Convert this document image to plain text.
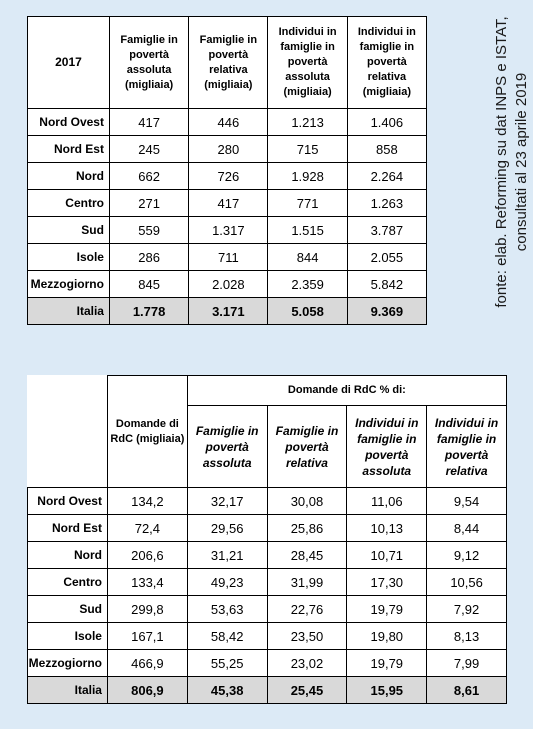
2017	Famiglie in povertà assoluta (migliaia)	Famiglie in povertà relativa (migliaia)	Individui in famiglie in povertà assoluta (migliaia)	Individui in famiglie in povertà relativa (migliaia)
Nord Ovest	417	446	1.213	1.406
Nord Est	245	280	715	858
Nord	662	726	1.928	2.264
Centro	271	417	771	1.263
Sud	559	1.317	1.515	3.787
Isole	286	711	844	2.055
Mezzogiorno	845	2.028	2.359	5.842
Italia	1.778	3.171	5.058	9.369
	Domande di RdC (migliaia)	Domande di RdC % di:			
		Famiglie in povertà assoluta	Famiglie in povertà relativa	Individui in famiglie in povertà assoluta	Individui in famiglie in povertà relativa
Nord Ovest	134,2	32,17	30,08	11,06	9,54
Nord Est	72,4	29,56	25,86	10,13	8,44
Nord	206,6	31,21	28,45	10,71	9,12
Centro	133,4	49,23	31,99	17,30	10,56
Sud	299,8	53,63	22,76	19,79	7,92
Isole	167,1	58,42	23,50	19,80	8,13
Mezzogiorno	466,9	55,25	23,02	19,79	7,99
Italia	806,9	45,38	25,45	15,95	8,61
fonte: elab. Reforming su dat INPS e ISTAT, consultati al 23 aprile 2019
